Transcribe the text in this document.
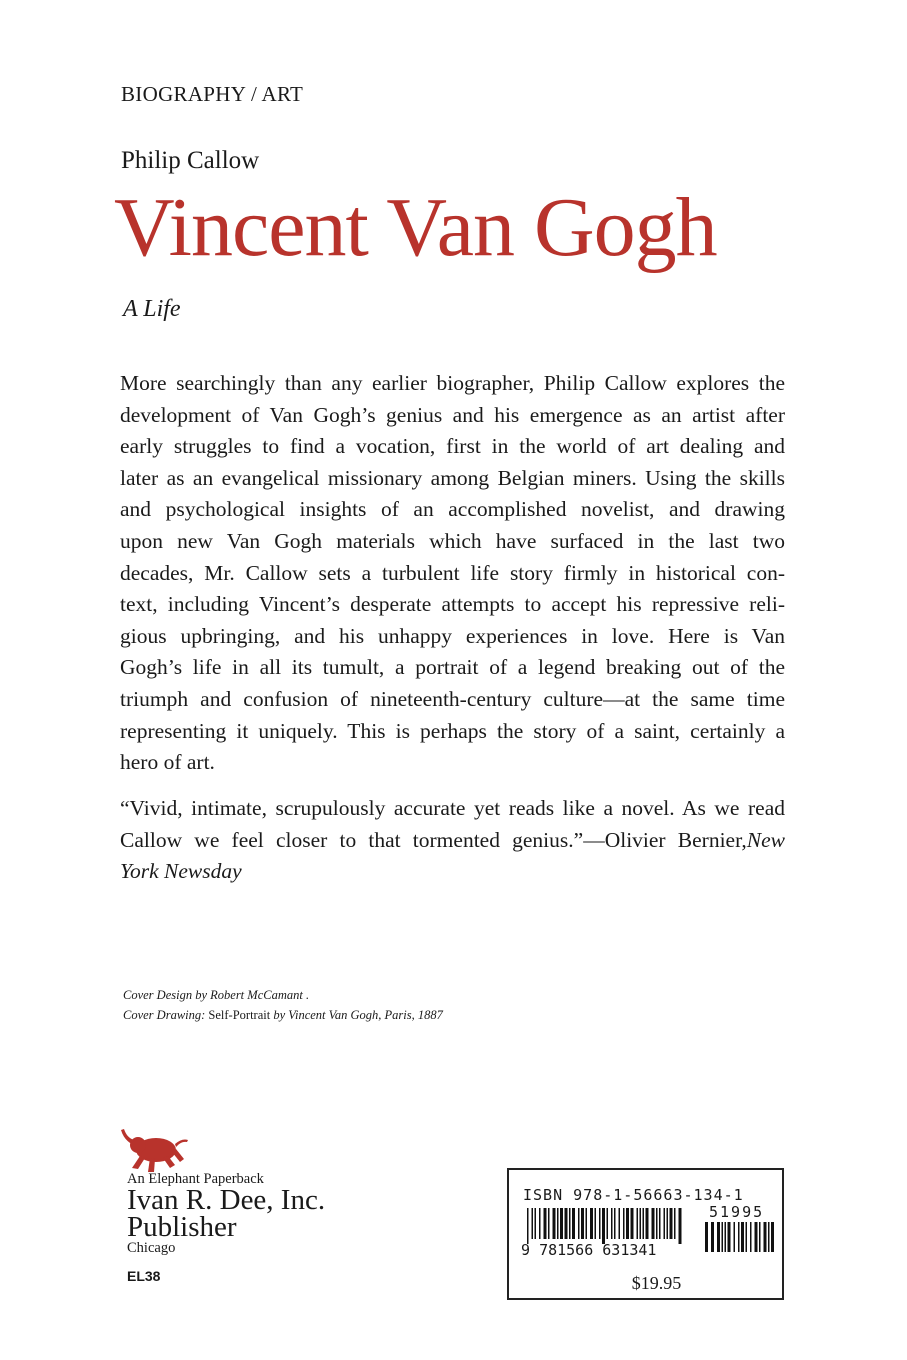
BIOGRAPHY / ART
Philip Callow
Vincent Van Gogh
A Life
More searchingly than any earlier biographer, Philip Callow explores the
development of Van Gogh’s genius and his emergence as an artist after
early struggles to find a vocation, first in the world of art dealing and
later as an evangelical missionary among Belgian miners. Using the skills
and psychological insights of an accomplished novelist, and drawing
upon new Van Gogh materials which have surfaced in the last two
decades, Mr. Callow sets a turbulent life story firmly in historical con-
text, including Vincent’s desperate attempts to accept his repressive reli-
gious upbringing, and his unhappy experiences in love. Here is Van
Gogh’s life in all its tumult, a portrait of a legend breaking out of the
triumph and confusion of nineteenth-century culture—at the same time
representing it uniquely. This is perhaps the story of a saint, certainly a
hero of art.
“Vivid, intimate, scrupulously accurate yet reads like a novel. As we read
Callow we feel closer to that tormented genius.”—Olivier Bernier,New
York Newsday
Cover Design by Robert McCamant .
Cover Drawing: Self-Portrait by Vincent Van Gogh, Paris, 1887
An Elephant Paperback
Ivan R. Dee, Inc.
Publisher
Chicago
EL38
ISBN 978-1-56663-134-1
51995
9 781566 631341
$19.95
